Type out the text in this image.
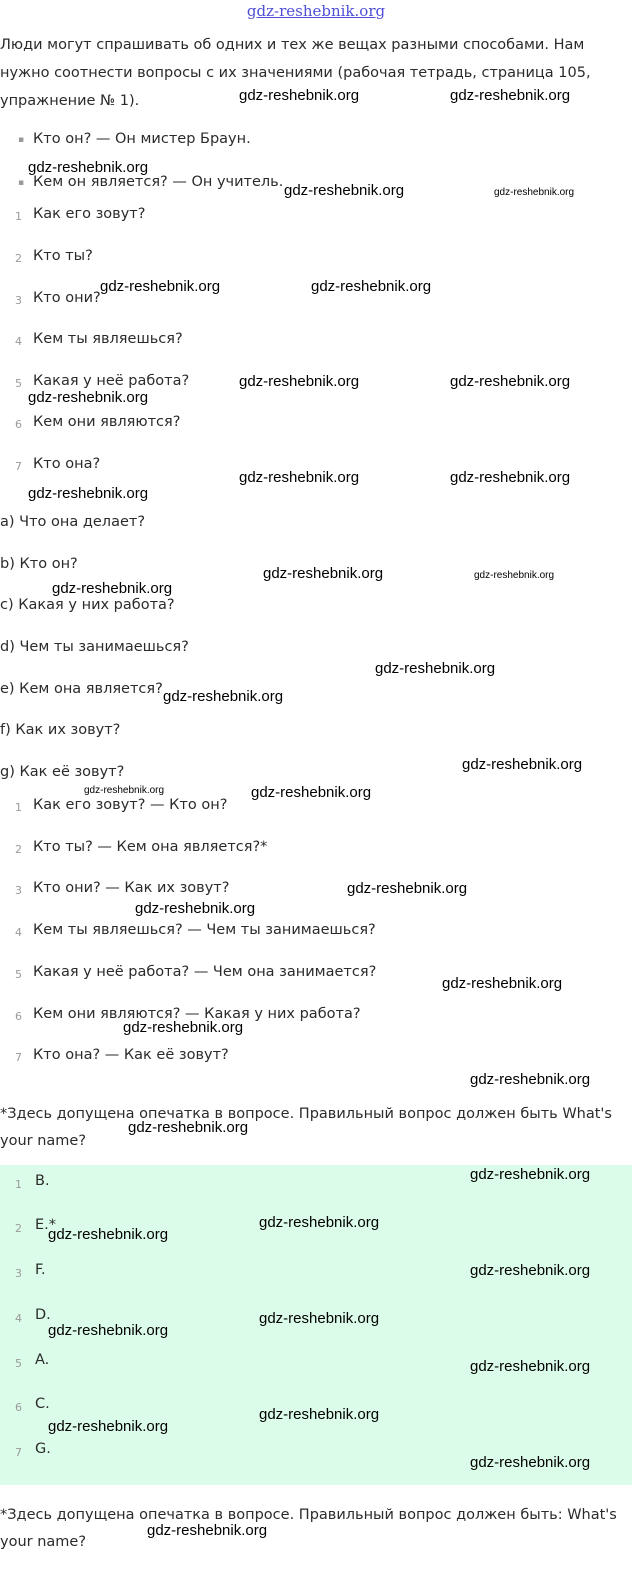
gdz-reshebnik.org
Люди могут спрашивать об одних и тех же вещах разными способами. Нам нужно соотнести вопросы с их значениями (рабочая тетрадь, страница 105, упражнение № 1).
▪ Кто он? — Он мистер Браун.
▪ Кем он является? — Он учитель.
1 Как его зовут?
2 Кто ты?
3 Кто они?
4 Кем ты являешься?
5 Какая у неё работа?
6 Кем они являются?
7 Кто она?
a) Что она делает?
b) Кто он?
c) Какая у них работа?
d) Чем ты занимаешься?
e) Кем она является?
f) Как их зовут?
g) Как её зовут?
1 Как его зовут? — Кто он?
2 Кто ты? — Кем она является?*
3 Кто они? — Как их зовут?
4 Кем ты являешься? — Чем ты занимаешься?
5 Какая у неё работа? — Чем она занимается?
6 Кем они являются? — Какая у них работа?
7 Кто она? — Как её зовут?
*Здесь допущена опечатка в вопросе. Правильный вопрос должен быть What's your name?
1 B.
2 E.*
3 F.
4 D.
5 A.
6 C.
7 G.
*Здесь допущена опечатка в вопросе. Правильный вопрос должен быть: What's your name?
gdz-reshebnik.org	gdz-reshebnik.org
gdz-reshebnik.org
gdz-reshebnik.org	gdz-reshebnik.org
gdz-reshebnik.org	gdz-reshebnik.org
gdz-reshebnik.org	gdz-reshebnik.org
gdz-reshebnik.org
gdz-reshebnik.org	gdz-reshebnik.org
gdz-reshebnik.org
gdz-reshebnik.org	gdz-reshebnik.org
gdz-reshebnik.org
gdz-reshebnik.org
gdz-reshebnik.org
gdz-reshebnik.org
gdz-reshebnik.org	gdz-reshebnik.org
gdz-reshebnik.org
gdz-reshebnik.org
gdz-reshebnik.org
gdz-reshebnik.org
gdz-reshebnik.org
gdz-reshebnik.org
gdz-reshebnik.org
gdz-reshebnik.org
gdz-reshebnik.org
gdz-reshebnik.org
gdz-reshebnik.org
gdz-reshebnik.org
gdz-reshebnik.org
gdz-reshebnik.org
gdz-reshebnik.org
gdz-reshebnik.org
gdz-reshebnik.org
